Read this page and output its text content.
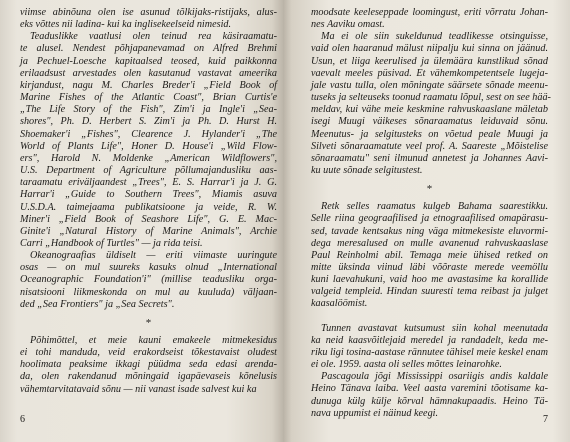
viimse abinõuna olen ise asunud tõlkijaks-ristijaks, alus-
eks võttes nii ladina- kui ka inglisekeelseid nimesid.
Teaduslikke vaatlusi olen teinud rea käsiraamatu-
te alusel. Nendest põhjapanevamad on Alfred Brehmi
ja Pechuel-Loesche kapitaalsed teosed, kuid paikkonna
erilaadsust arvestades olen kasutanud vastavat ameerika
kirjandust, nagu M. Charles Breder'i „Field Book of
Marine Fishes of the Atlantic Coast", Brian Curtis'e
„The Life Story of the Fish", Zim'i ja Ingle'i „Sea-
shores", Ph. D. Herbert S. Zim'i ja Ph. D. Hurst H.
Shoemaker'i „Fishes", Clearence J. Hylander'i „The
World of Plants Life", Honer D. House'i „Wild Flow-
ers", Harold N. Moldenke „American Wildflowers",
U.S. Department of Agriculture põllumajandusliku aas-
taraamatu eriväljaandest „Trees", E. S. Harrar'i ja J. G.
Harrar'i „Guide to Southern Trees", Miamis asuva
U.S.D.A. taimejaama publikatsioone ja veide, R. W.
Miner'i „Field Book of Seashore Life", G. E. Mac-
Ginite'i „Natural History of Marine Animals", Archie
Carri „Handbook of Turtles" — ja rida teisi.
Okeanograafias üldiselt — eriti viimaste uuringute
osas — on mul suureks kasuks olnud „International
Oceanographic Foundation'i" (millise teadusliku orga-
nisatsiooni liikmeskonda on mul au kuuluda) väljaan-
ded „Sea Frontiers" ja „Sea Secrets".
*
Põhimõttel, et meie kauni emakeele mitmekesidus
ei tohi manduda, veid erakordseist tõkestavaist oludest
hoolimata peaksime ikkagi püüdma seda edasi arenda-
da, olen rakendanud mõningaid igapäevaseis kõnelusis
vähemtarvitatavaid sõnu — nii vanast isade salvest kui ka
6
moodsate keeleseppade loomingust, eriti võrratu Johan-
nes Aaviku omast.
Ma ei ole siin sukeldunud teadlikesse otsinguisse,
vaid olen haaranud mälust niipalju kui sinna on jäänud.
Usun, et liiga keerulised ja ülemäära kunstlikud sõnad
vaevalt meeles püsivad. Et vähemkompetentsele lugeja-
jale vastu tulla, olen mõningate säärsete sõnade meenu-
tuseks ja selteuseks toonud raamatu lõpul, sest on see hää-
meldav, kui vähe meie keskmine rahvuskaaslane mäletab
isegi Muugi väikeses sõnaraamatus leiduvaid sõnu.
Meenutus- ja selgitusteks on võetud peale Muugi ja
Silveti sõnaraamatute veel prof. A. Saareste „Mõistelise
sõnaraamatu" seni ilmunud annetest ja Johannes Aavi-
ku uute sõnade selgitustest.
*
Retk selles raamatus kulgeb Bahama saarestikku.
Selle riina geograafilised ja etnograafilised omapärasu-
sed, tavade kentsakus ning väga mitmekesiste eluvormi-
dega meresalused on mulle avanenud rahvuskaaslase
Paul Reinholmi abil. Temaga meie ühised retked on
mitte üksinda viinud läbi võõraste merede veemöllu
kuni laevahukuni, vaid hoo me avastasime ka korallide
valgeid templeid. Hindan suuresti tema reibast ja julget
kaasalöömist.
Tunnen avastavat kutsumust siin kohal meenutada
ka neid kaasvõitlejaid meredel ja randadelt, keda me-
riku ligi tosina-aastase rännutee tähisel meie keskel enam
ei ole. 1959. aasta oli selles mõttes leinarohke.
Pascagoula jõgi Mississippi osariigis andis kaldale
Heino Tänava laiba. Veel aasta varemini tõotisame ka-
dunuga külg külje kõrval hämnakupaadis. Heino Tä-
nava uppumist ei näinud keegi.
7
